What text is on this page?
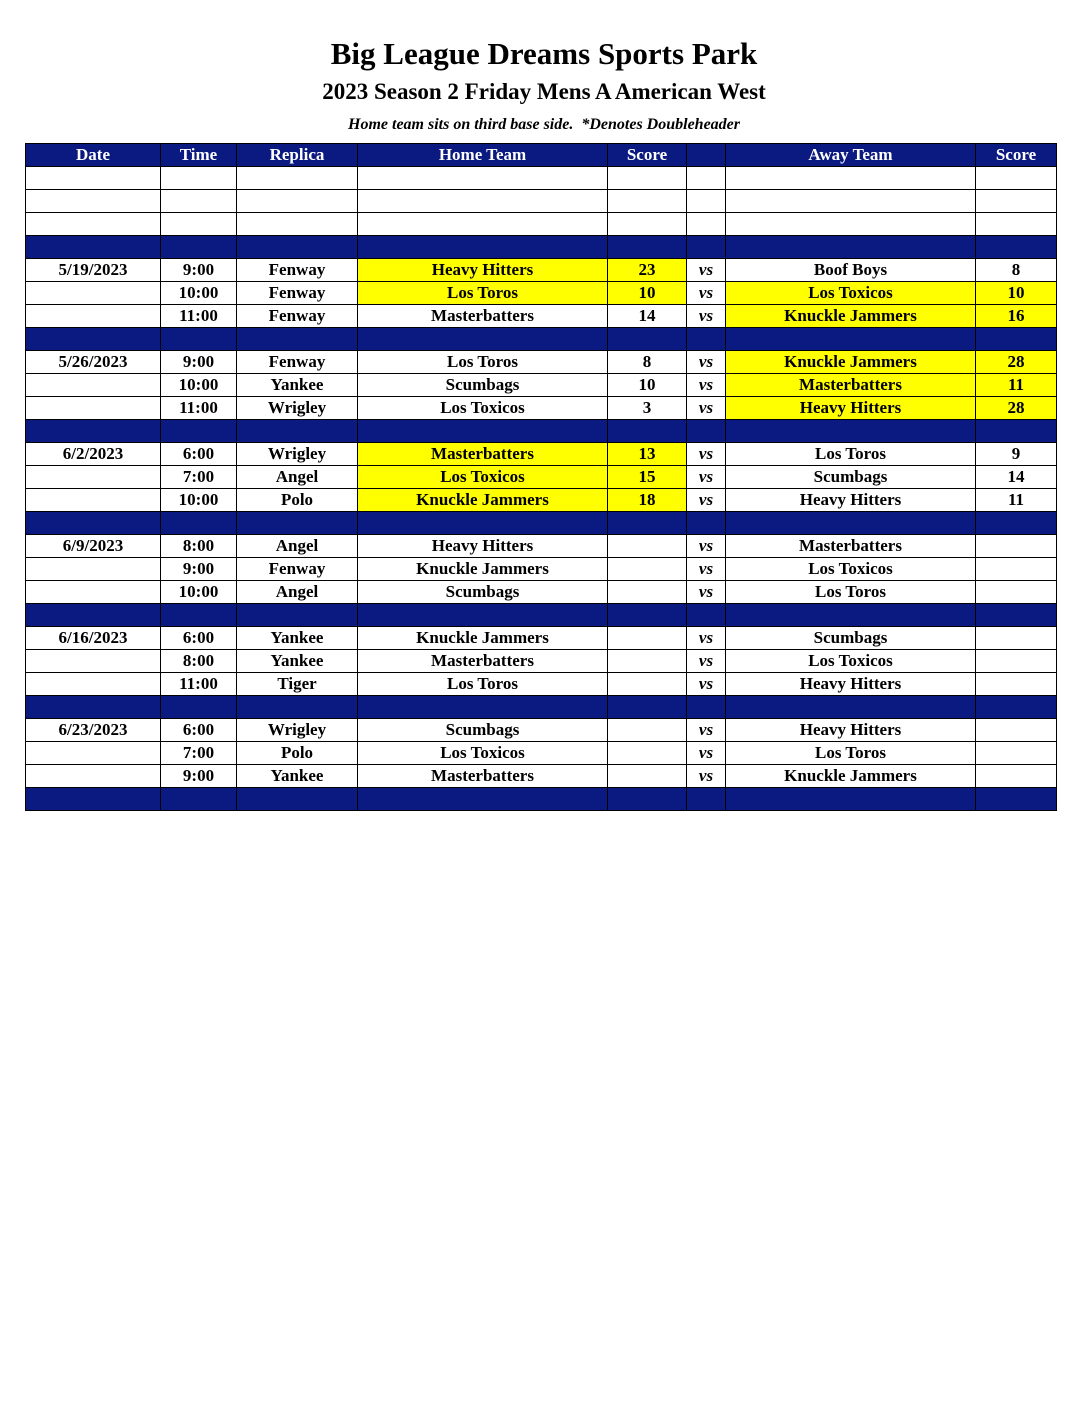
Big League Dreams Sports Park
2023 Season 2 Friday Mens A American West
Home team sits on third base side.  *Denotes Doubleheader
Date	Time	Replica	Home Team	Score		Away Team	Score

5/19/2023	9:00	Fenway	Heavy Hitters	23	vs	Boof Boys	8
	10:00	Fenway	Los Toros	10	vs	Los Toxicos	10
	11:00	Fenway	Masterbatters	14	vs	Knuckle Jammers	16

5/26/2023	9:00	Fenway	Los Toros	8	vs	Knuckle Jammers	28
	10:00	Yankee	Scumbags	10	vs	Masterbatters	11
	11:00	Wrigley	Los Toxicos	3	vs	Heavy Hitters	28

6/2/2023	6:00	Wrigley	Masterbatters	13	vs	Los Toros	9
	7:00	Angel	Los Toxicos	15	vs	Scumbags	14
	10:00	Polo	Knuckle Jammers	18	vs	Heavy Hitters	11

6/9/2023	8:00	Angel	Heavy Hitters		vs	Masterbatters	
	9:00	Fenway	Knuckle Jammers		vs	Los Toxicos	
	10:00	Angel	Scumbags		vs	Los Toros	

6/16/2023	6:00	Yankee	Knuckle Jammers		vs	Scumbags	
	8:00	Yankee	Masterbatters		vs	Los Toxicos	
	11:00	Tiger	Los Toros		vs	Heavy Hitters	

6/23/2023	6:00	Wrigley	Scumbags		vs	Heavy Hitters	
	7:00	Polo	Los Toxicos		vs	Los Toros	
	9:00	Yankee	Masterbatters		vs	Knuckle Jammers	
